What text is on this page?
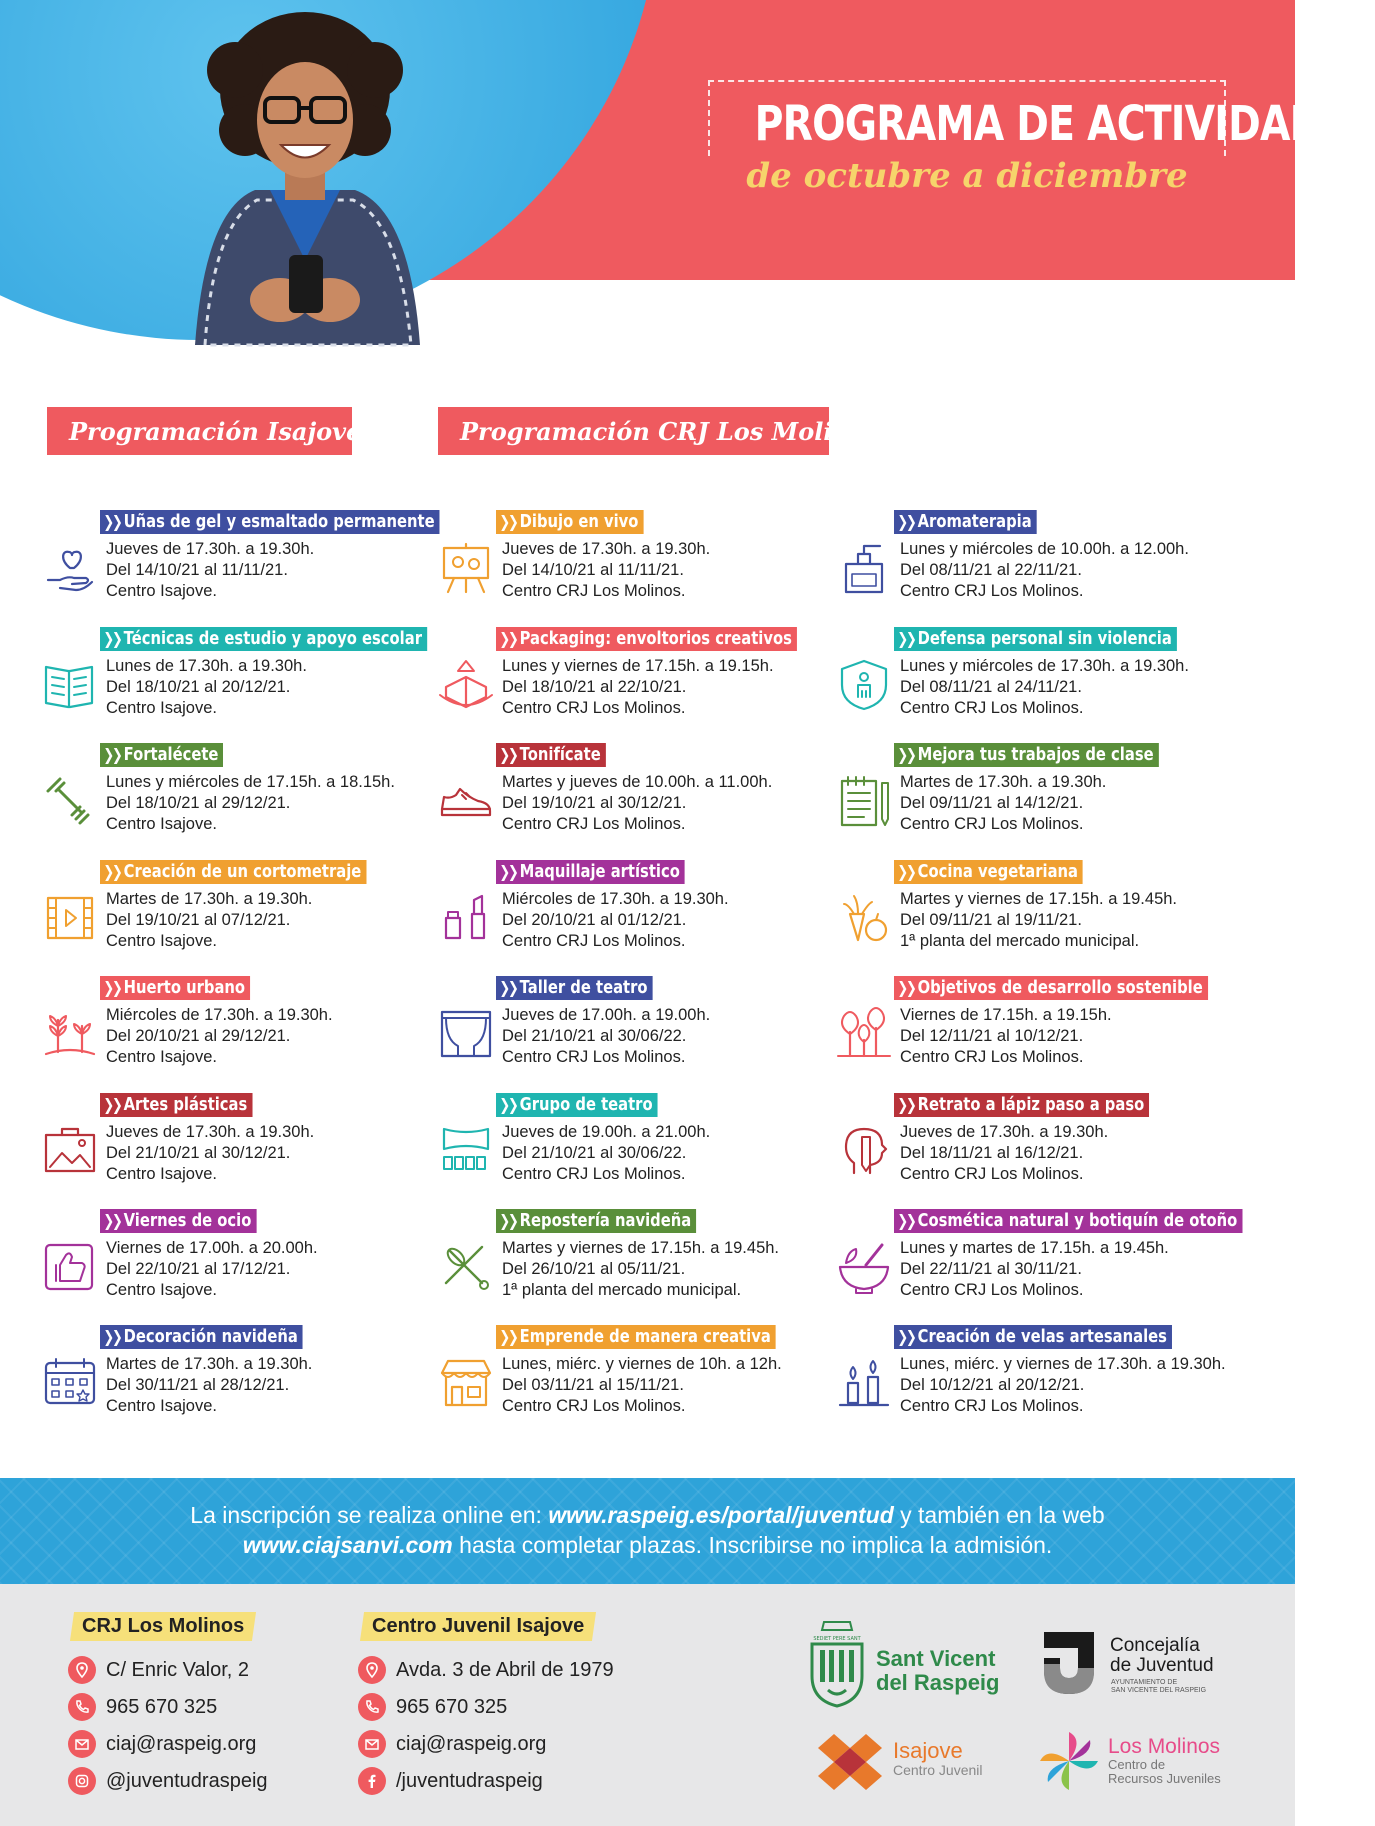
PROGRAMA DE ACTIVIDADES
de octubre a diciembre
Programación Isajove	Programación CRJ Los Molinos
❯❯ Uñas de gel y esmaltado permanente
Jueves de 17.30h. a 19.30h.
Del 14/10/21 al 11/11/21.
Centro Isajove.
❯❯ Técnicas de estudio y apoyo escolar
Lunes de 17.30h. a 19.30h.
Del 18/10/21 al 20/12/21.
Centro Isajove.
❯❯ Fortalécete
Lunes y miércoles de 17.15h. a 18.15h.
Del 18/10/21 al 29/12/21.
Centro Isajove.
❯❯ Creación de un cortometraje
Martes de 17.30h. a 19.30h.
Del 19/10/21 al 07/12/21.
Centro Isajove.
❯❯ Huerto urbano
Miércoles de 17.30h. a 19.30h.
Del 20/10/21 al 29/12/21.
Centro Isajove.
❯❯ Artes plásticas
Jueves de 17.30h. a 19.30h.
Del 21/10/21 al 30/12/21.
Centro Isajove.
❯❯ Viernes de ocio
Viernes de 17.00h. a 20.00h.
Del 22/10/21 al 17/12/21.
Centro Isajove.
❯❯ Decoración navideña
Martes de 17.30h. a 19.30h.
Del 30/11/21 al 28/12/21.
Centro Isajove.
❯❯ Dibujo en vivo
Jueves de 17.30h. a 19.30h.
Del 14/10/21 al 11/11/21.
Centro CRJ Los Molinos.
❯❯ Packaging: envoltorios creativos
Lunes y viernes de 17.15h. a 19.15h.
Del 18/10/21 al 22/10/21.
Centro CRJ Los Molinos.
❯❯ Tonifícate
Martes y jueves de 10.00h. a 11.00h.
Del 19/10/21 al 30/12/21.
Centro CRJ Los Molinos.
❯❯ Maquillaje artístico
Miércoles de 17.30h. a 19.30h.
Del 20/10/21 al 01/12/21.
Centro CRJ Los Molinos.
❯❯ Taller de teatro
Jueves de 17.00h. a 19.00h.
Del 21/10/21 al 30/06/22.
Centro CRJ Los Molinos.
❯❯ Grupo de teatro
Jueves de 19.00h. a 21.00h.
Del 21/10/21 al 30/06/22.
Centro CRJ Los Molinos.
❯❯ Repostería navideña
Martes y viernes de 17.15h. a 19.45h.
Del 26/10/21 al 05/11/21.
1ª planta del mercado municipal.
❯❯ Emprende de manera creativa
Lunes, miérc. y viernes de 10h. a 12h.
Del 03/11/21 al 15/11/21.
Centro CRJ Los Molinos.
❯❯ Aromaterapia
Lunes y miércoles de 10.00h. a 12.00h.
Del 08/11/21 al 22/11/21.
Centro CRJ Los Molinos.
❯❯ Defensa personal sin violencia
Lunes y miércoles de 17.30h. a 19.30h.
Del 08/11/21 al 24/11/21.
Centro CRJ Los Molinos.
❯❯ Mejora tus trabajos de clase
Martes de 17.30h. a 19.30h.
Del 09/11/21 al 14/12/21.
Centro CRJ Los Molinos.
❯❯ Cocina vegetariana
Martes y viernes de 17.15h. a 19.45h.
Del 09/11/21 al 19/11/21.
1ª planta del mercado municipal.
❯❯ Objetivos de desarrollo sostenible
Viernes de 17.15h. a 19.15h.
Del 12/11/21 al 10/12/21.
Centro CRJ Los Molinos.
❯❯ Retrato a lápiz paso a paso
Jueves de 17.30h. a 19.30h.
Del 18/11/21 al 16/12/21.
Centro CRJ Los Molinos.
❯❯ Cosmética natural y botiquín de otoño
Lunes y martes de 17.15h. a 19.45h.
Del 22/11/21 al 30/11/21.
Centro CRJ Los Molinos.
❯❯ Creación de velas artesanales
Lunes, miérc. y viernes de 17.30h. a 19.30h.
Del 10/12/21 al 20/12/21.
Centro CRJ Los Molinos.

La inscripción se realiza online en: www.raspeig.es/portal/juventud y también en la web

www.ciajsanvi.com hasta completar plazas. Inscribirse no implica la admisión.

CRJ Los Molinos
C/ Enric Valor, 2
965 670 325
ciaj@raspeig.org
@juventudraspeig
Centro Juvenil Isajove
Avda. 3 de Abril de 1979
965 670 325
ciaj@raspeig.org
/juventudraspeig
SEDIET PERE SANT
Sant Vicent
del Raspeig
Concejalía
de Juventud
AYUNTAMIENTO DE
SAN VICENTE DEL RASPEIG
Isajove
Centro Juvenil
Los Molinos
Centro de
Recursos Juveniles
